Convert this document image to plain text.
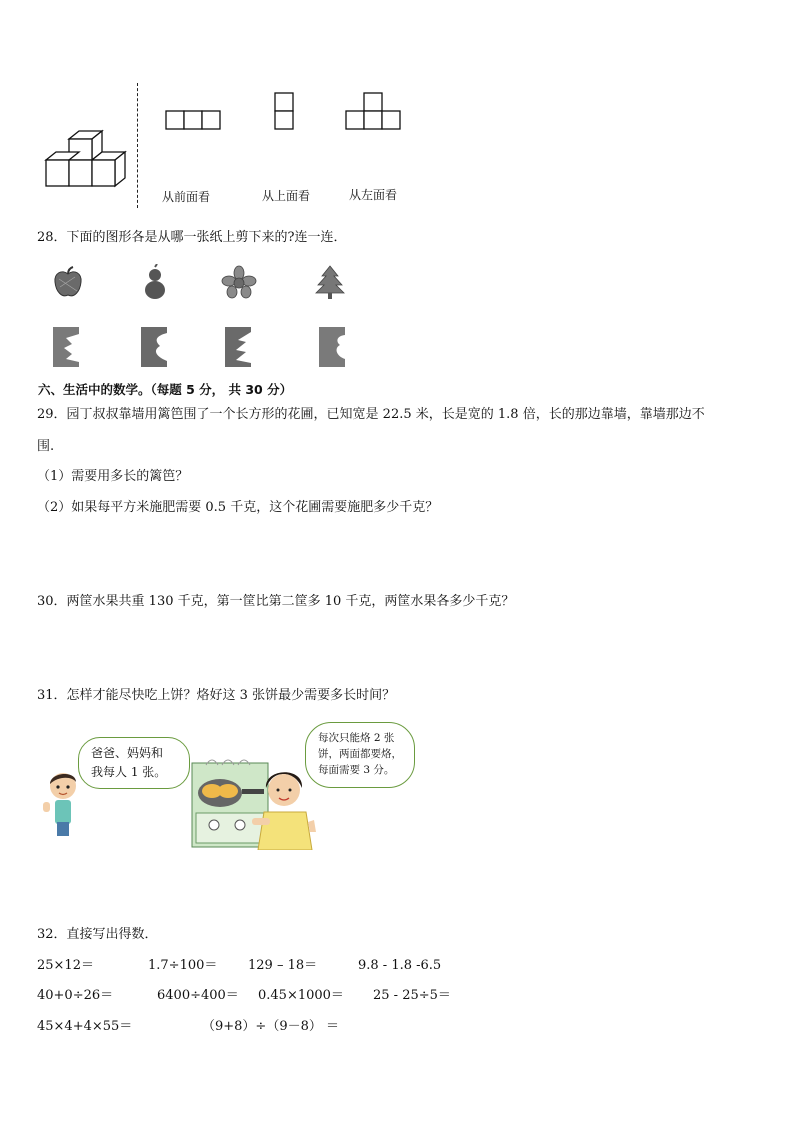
从前面看	从上面看	从左面看
28．下面的图形各是从哪一张纸上剪下来的?连一连．
六、生活中的数学。（每题 5 分， 共 30 分）
29．园丁叔叔靠墙用篱笆围了一个长方形的花圃，已知宽是 22.5 米，长是宽的 1.8 倍，长的那边靠墙，靠墙那边不
围.
（1）需要用多长的篱笆？
（2）如果每平方米施肥需要 0.5 千克，这个花圃需要施肥多少千克？
30．两筐水果共重 130 千克，第一筐比第二筐多 10 千克，两筐水果各多少千克？
31．怎样才能尽快吃上饼？烙好这 3 张饼最少需要多长时间？
爸爸、妈妈和
我每人 1 张。
每次只能烙 2 张
饼，两面都要烙，
每面需要 3 分。
32．直接写出得数．
25×12＝	1.7÷100＝ 129 – 18＝	9.8 - 1.8 -6.5
40+0÷26＝	6400÷400＝ 0.45×1000＝ 25 - 25÷5＝
45×4+4×55＝	（9+8）÷（9－8） ＝
